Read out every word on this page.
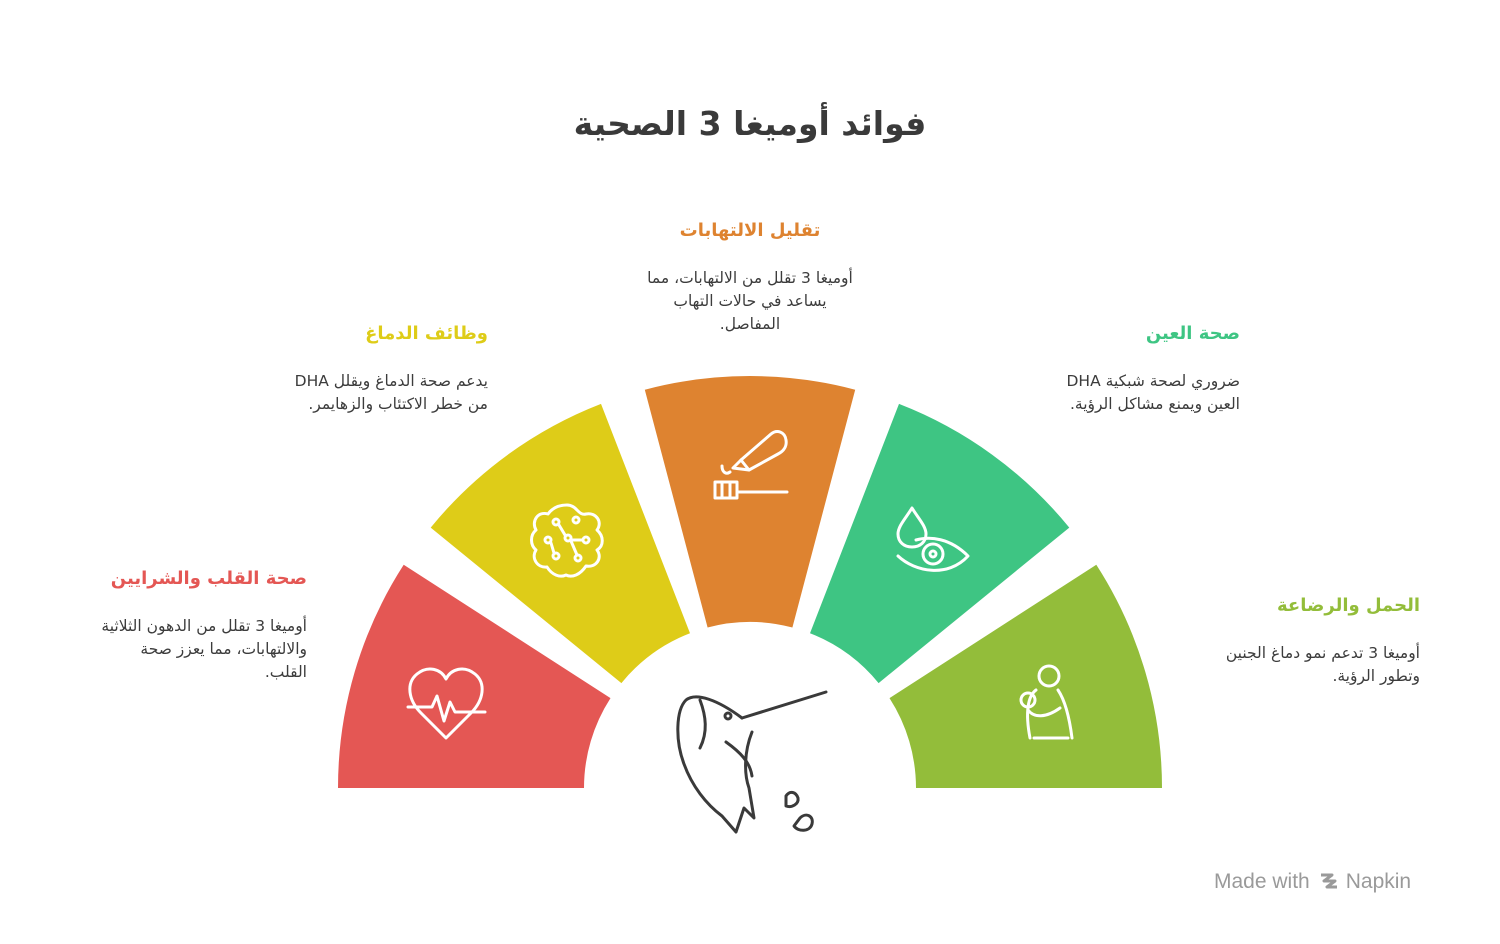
فوائد أوميغا 3 الصحية
صحة القلب والشرايين
أوميغا 3 تقلل من الدهون الثلاثية
والالتهابات، مما يعزز صحة
القلب.
وظائف الدماغ
يدعم صحة الدماغ ويقلل DHA
من خطر الاكتئاب والزهايمر.
تقليل الالتهابات
أوميغا 3 تقلل من الالتهابات، مما
يساعد في حالات التهاب
المفاصل.	صحة العين
ضروري لصحة شبكية DHA
العين ويمنع مشاكل الرؤية.
الحمل والرضاعة
أوميغا 3 تدعم نمو دماغ الجنين
وتطور الرؤية.
Made with Napkin
